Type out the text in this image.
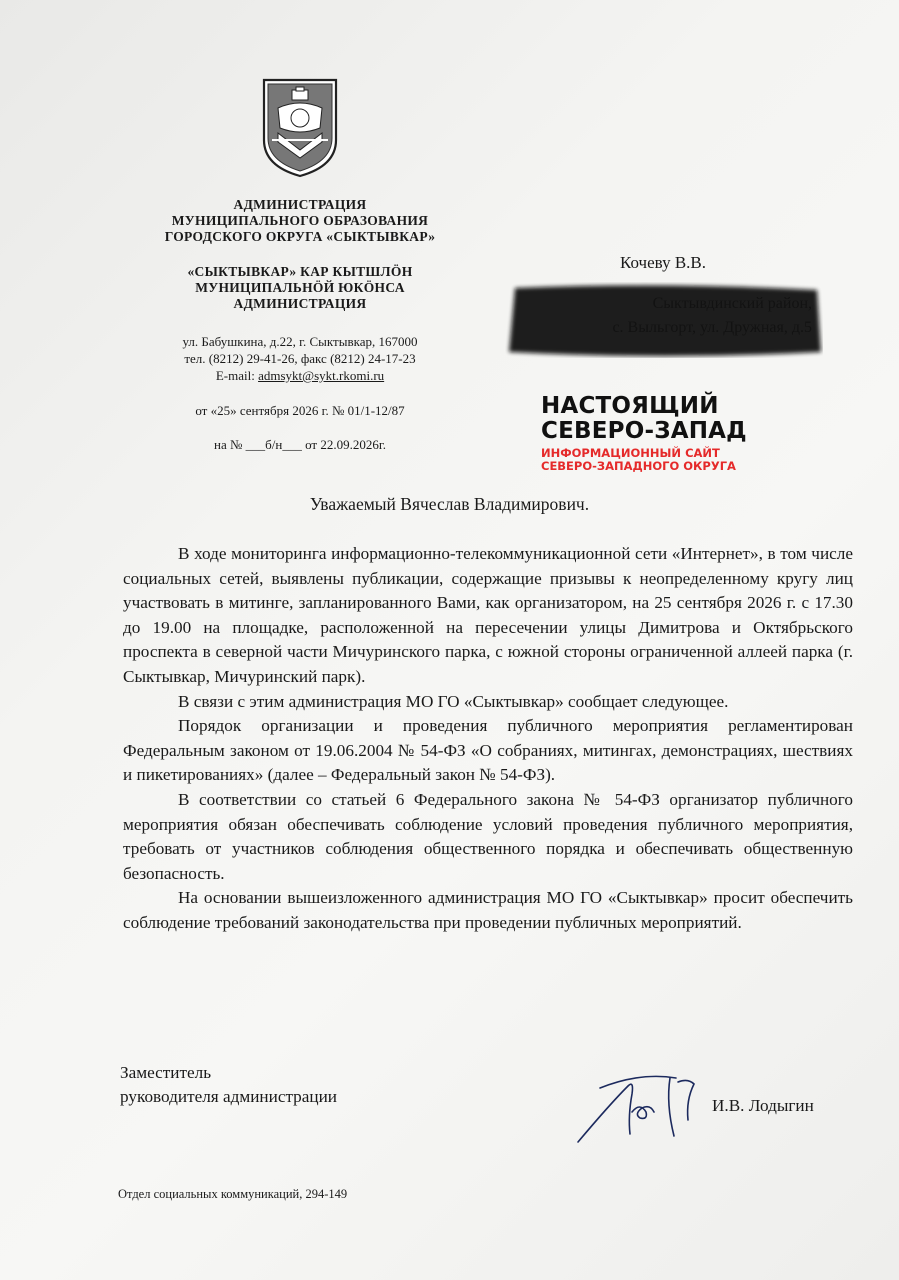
АДМИНИСТРАЦИЯ
МУНИЦИПАЛЬНОГО ОБРАЗОВАНИЯ
ГОРОДСКОГО ОКРУГА «СЫКТЫВКАР»
«СЫКТЫВКАР» КАР КЫТШЛÖН
МУНИЦИПАЛЬНÖЙ ЮКÖНСА
АДМИНИСТРАЦИЯ
ул. Бабушкина, д.22, г. Сыктывкар, 167000
тел. (8212) 29-41-26, факс (8212) 24-17-23
E-mail: admsykt@sykt.rkomi.ru
от «25» сентября 2026 г. № 01/1-12/87
на № ___б/н___ от 22.09.2026г.
Кочеву В.В.
НАСТОЯЩИЙ
СЕВЕРО-ЗАПАД
ИНФОРМАЦИОННЫЙ САЙТ
СЕВЕРО-ЗАПАДНОГО ОКРУГА
Уважаемый Вячеслав Владимирович.

В ходе мониторинга информационно-телекоммуникационной сети «Интернет», в том числе социальных сетей, выявлены публикации, содержащие призывы к неопределенному кругу лиц участвовать в митинге, запланированного Вами, как организатором, на 25 сентября 2026 г. с 17.30 до 19.00 на площадке, расположенной на пересечении улицы Димитрова и Октябрьского проспекта в северной части Мичуринского парка, с южной стороны ограниченной аллеей парка (г. Сыктывкар, Мичуринский парк).

В связи с этим администрация МО ГО «Сыктывкар» сообщает следующее.

Порядок организации и проведения публичного мероприятия регламентирован Федеральным законом от 19.06.2004 № 54-ФЗ «О собраниях, митингах, демонстрациях, шествиях и пикетированиях» (далее – Федеральный закон № 54-ФЗ).

В соответствии со статьей 6 Федерального закона № 54-ФЗ организатор публичного мероприятия обязан обеспечивать соблюдение условий проведения публичного мероприятия, требовать от участников соблюдения общественного порядка и обеспечивать общественную безопасность.

На основании вышеизложенного администрация МО ГО «Сыктывкар» просит обеспечить соблюдение требований законодательства при проведении публичных мероприятий.

Заместитель
руководителя администрации	И.В. Лодыгин
Отдел социальных коммуникаций, 294-149
